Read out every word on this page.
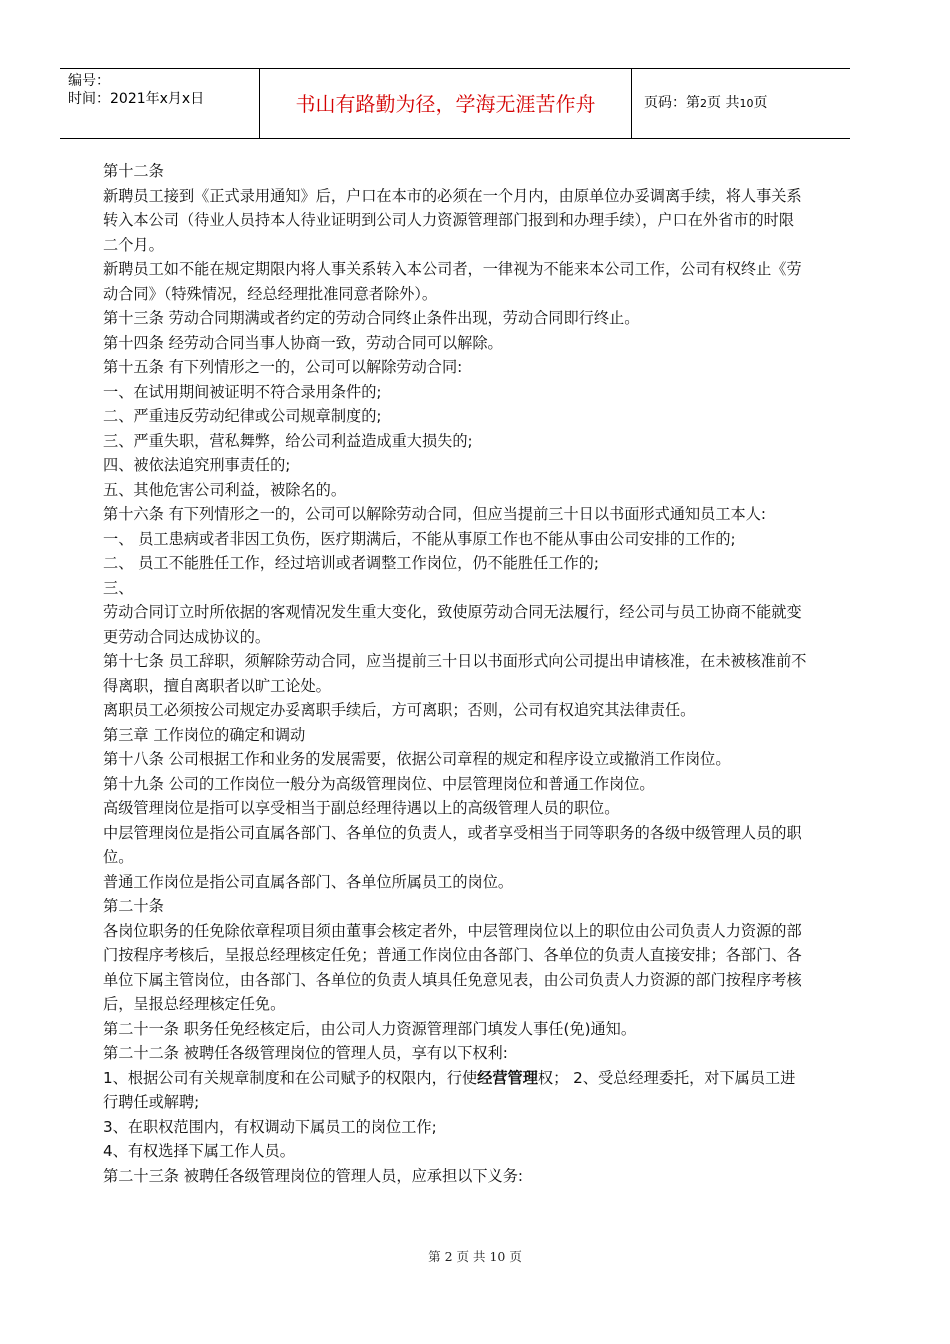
编号：
时间：2021年x月x日	书山有路勤为径，学海无涯苦作舟	页码：第2页 共10页

第十二条

新聘员工接到《正式录用通知》后，户口在本市的必须在一个月内，由原单位办妥调离手续，将人事关系转入本公司（待业人员持本人待业证明到公司人力资源管理部门报到和办理手续），户口在外省市的时限二个月。

新聘员工如不能在规定期限内将人事关系转入本公司者，一律视为不能来本公司工作，公司有权终止《劳动合同》（特殊情况，经总经理批准同意者除外）。

第十三条 劳动合同期满或者约定的劳动合同终止条件出现，劳动合同即行终止。

第十四条 经劳动合同当事人协商一致，劳动合同可以解除。

第十五条 有下列情形之一的，公司可以解除劳动合同:

一、在试用期间被证明不符合录用条件的;

二、严重违反劳动纪律或公司规章制度的;

三、严重失职，营私舞弊，给公司利益造成重大损失的;

四、被依法追究刑事责任的;

五、其他危害公司利益，被除名的。

第十六条 有下列情形之一的，公司可以解除劳动合同，但应当提前三十日以书面形式通知员工本人:

一、 员工患病或者非因工负伤，医疗期满后，不能从事原工作也不能从事由公司安排的工作的;

二、 员工不能胜任工作，经过培训或者调整工作岗位，仍不能胜任工作的;

三、

劳动合同订立时所依据的客观情况发生重大变化，致使原劳动合同无法履行，经公司与员工协商不能就变更劳动合同达成协议的。

第十七条 员工辞职，须解除劳动合同，应当提前三十日以书面形式向公司提出申请核准，在未被核准前不得离职，擅自离职者以旷工论处。

离职员工必须按公司规定办妥离职手续后，方可离职；否则，公司有权追究其法律责任。

第三章 工作岗位的确定和调动

第十八条 公司根据工作和业务的发展需要，依据公司章程的规定和程序设立或撤消工作岗位。

第十九条 公司的工作岗位一般分为高级管理岗位、中层管理岗位和普通工作岗位。

高级管理岗位是指可以享受相当于副总经理待遇以上的高级管理人员的职位。

中层管理岗位是指公司直属各部门、各单位的负责人，或者享受相当于同等职务的各级中级管理人员的职位。

普通工作岗位是指公司直属各部门、各单位所属员工的岗位。

第二十条

各岗位职务的任免除依章程项目须由董事会核定者外，中层管理岗位以上的职位由公司负责人力资源的部门按程序考核后，呈报总经理核定任免；普通工作岗位由各部门、各单位的负责人直接安排；各部门、各单位下属主管岗位，由各部门、各单位的负责人填具任免意见表，由公司负责人力资源的部门按程序考核后，呈报总经理核定任免。

第二十一条 职务任免经核定后，由公司人力资源管理部门填发人事任(免)通知。

第二十二条 被聘任各级管理岗位的管理人员，享有以下权利:

1、根据公司有关规章制度和在公司赋予的权限内，行使经营管理权； 2、受总经理委托，对下属员工进行聘任或解聘;

3、在职权范围内，有权调动下属员工的岗位工作;

4、有权选择下属工作人员。

第二十三条 被聘任各级管理岗位的管理人员，应承担以下义务:

第 2 页 共 10 页
